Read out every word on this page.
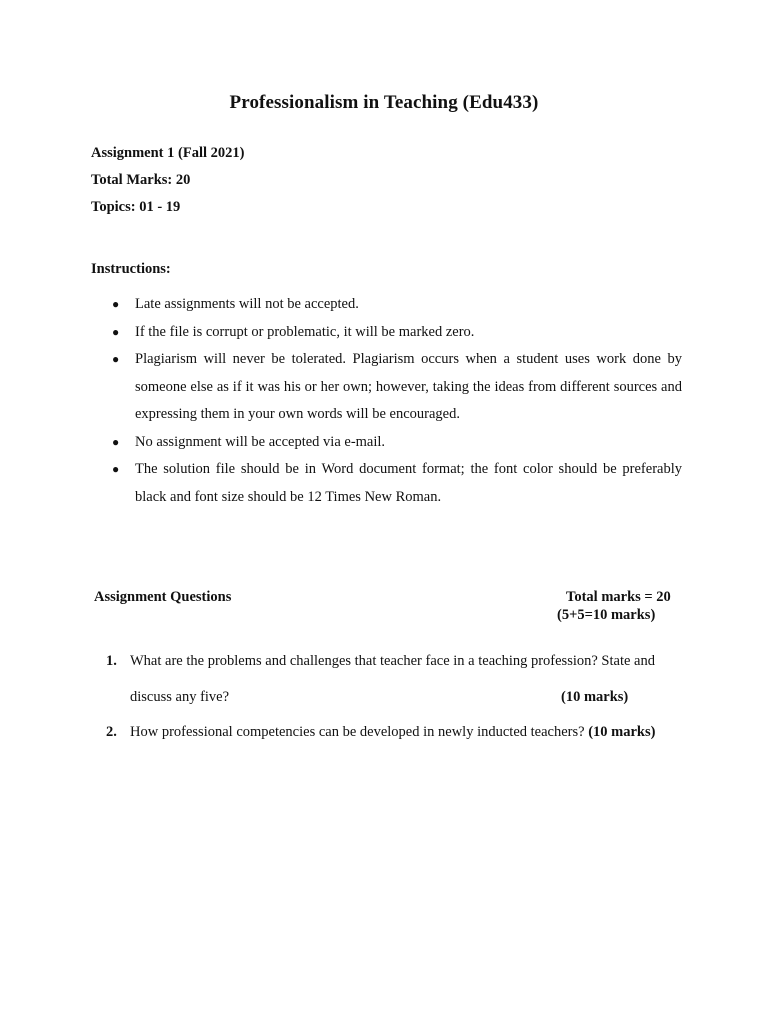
Professionalism in Teaching (Edu433)
Assignment 1 (Fall 2021)
Total Marks: 20
Topics: 01 - 19
Instructions:
● Late assignments will not be accepted.
● If the file is corrupt or problematic, it will be marked zero.
● Plagiarism will never be tolerated. Plagiarism occurs when a student uses work done by someone else as if it was his or her own; however, taking the ideas from different sources and expressing them in your own words will be encouraged.
● No assignment will be accepted via e-mail.
● The solution file should be in Word document format; the font color should be preferably black and font size should be 12 Times New Roman.
Assignment Questions	Total marks = 20
(5+5=10 marks)
1. What are the problems and challenges that teacher face in a teaching profession? State and
discuss any five?	(10 marks)
2. How professional competencies can be developed in newly inducted teachers? (10 marks)
